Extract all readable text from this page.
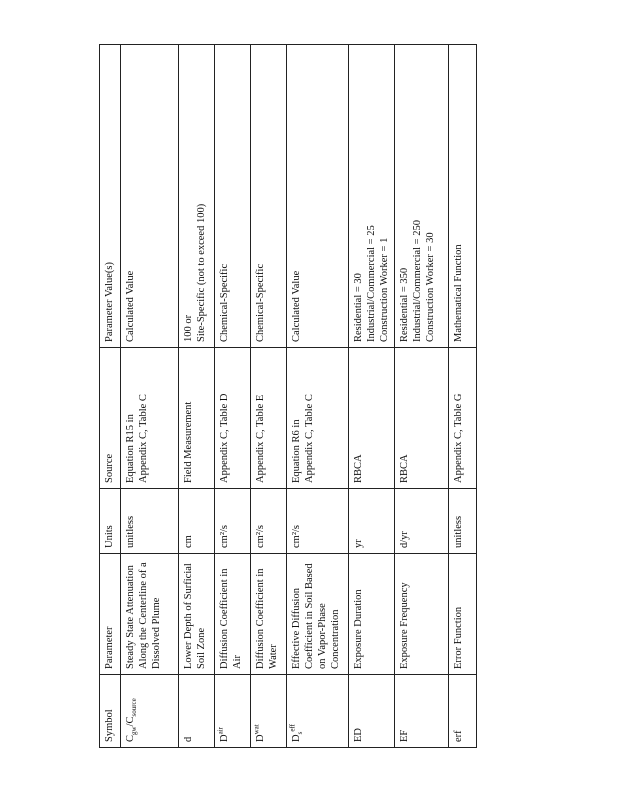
Symbol	Parameter	Units	Source	Parameter Value(s)
$C_{gw}/C_{source}$	Steady State Attenuation Along the Centerline of a Dissolved Plume	unitless	Equation R15 in Appendix C, Table C	Calculated Value

d	Lower Depth of Surficial Soil Zone	cm	Field Measurement	100 or Site-Specific (not to exceed 100)

$D^{air}$	Diffusion Coefficient in Air	cm²/s	Appendix C, Table D	Chemical-Specific

$D^{wat}$	Diffusion Coefficient in Water	cm²/s	Appendix C, Table E	Chemical-Specific

$D_s^{eff}$	Effective Diffusion Coefficient in Soil Based on Vapor-Phase Concentration	cm²/s	Equation R6 in Appendix C, Table C	Calculated Value

ED	Exposure Duration	yr	RBCA	Residential = 30 Industrial/Commercial = 25 Construction Worker = 1

EF	Exposure Frequency	d/yr	RBCA	Residential = 350 Industrial/Commercial = 250 Construction Worker = 30

erf	Error Function	unitless	Appendix C, Table G	Mathematical Function
